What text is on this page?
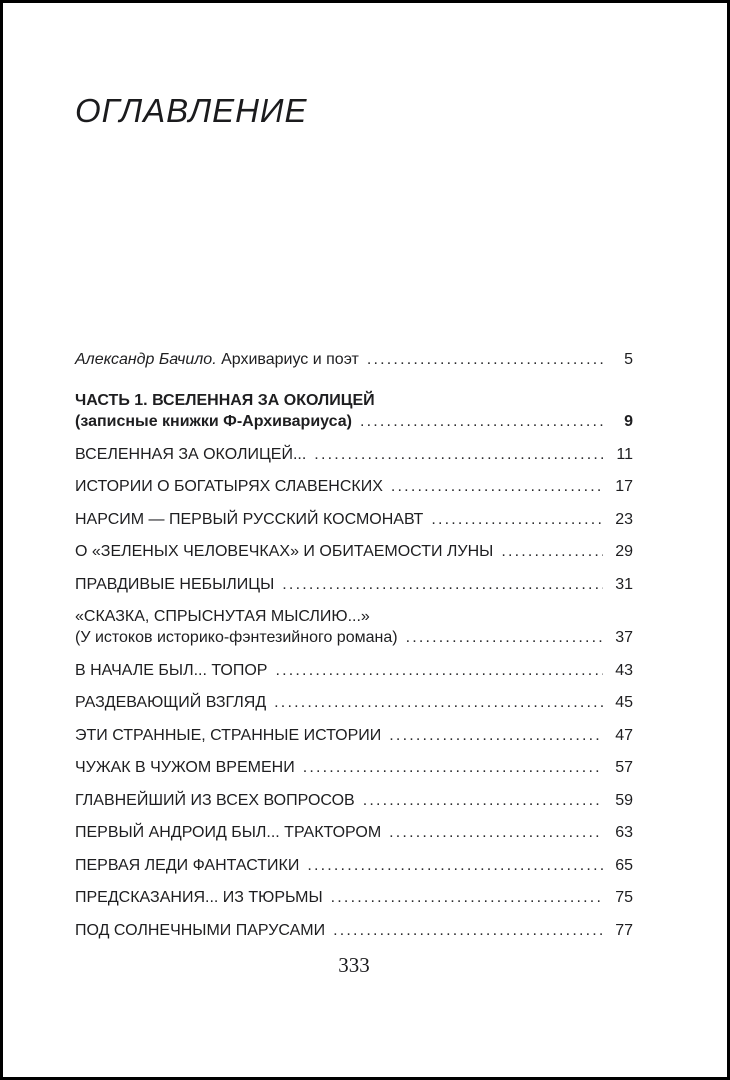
ОГЛАВЛЕНИЕ
Александр Бачило. Архивариус и поэт .....	5
ЧАСТЬ 1. ВСЕЛЕННАЯ ЗА ОКОЛИЦЕЙ
(записные книжки Ф-Архивариуса) .....	9
ВСЕЛЕННАЯ ЗА ОКОЛИЦЕЙ... .....	11
ИСТОРИИ О БОГАТЫРЯХ СЛАВЕНСКИХ .....	17
НАРСИМ — ПЕРВЫЙ РУССКИЙ КОСМОНАВТ .....	23
О «ЗЕЛЕНЫХ ЧЕЛОВЕЧКАХ» И ОБИТАЕМОСТИ ЛУНЫ .....	29
ПРАВДИВЫЕ НЕБЫЛИЦЫ .....	31
«СКАЗКА, СПРЫСНУТАЯ МЫСЛИЮ...»
(У истоков историко-фэнтезийного романа) .....	37
В НАЧАЛЕ БЫЛ... ТОПОР .....	43
РАЗДЕВАЮЩИЙ ВЗГЛЯД .....	45
ЭТИ СТРАННЫЕ, СТРАННЫЕ ИСТОРИИ .....	47
ЧУЖАК В ЧУЖОМ ВРЕМЕНИ .....	57
ГЛАВНЕЙШИЙ ИЗ ВСЕХ ВОПРОСОВ .....	59
ПЕРВЫЙ АНДРОИД БЫЛ... ТРАКТОРОМ .....	63
ПЕРВАЯ ЛЕДИ ФАНТАСТИКИ .....	65
ПРЕДСКАЗАНИЯ... ИЗ ТЮРЬМЫ .....	75
ПОД СОЛНЕЧНЫМИ ПАРУСАМИ .....	77
333
